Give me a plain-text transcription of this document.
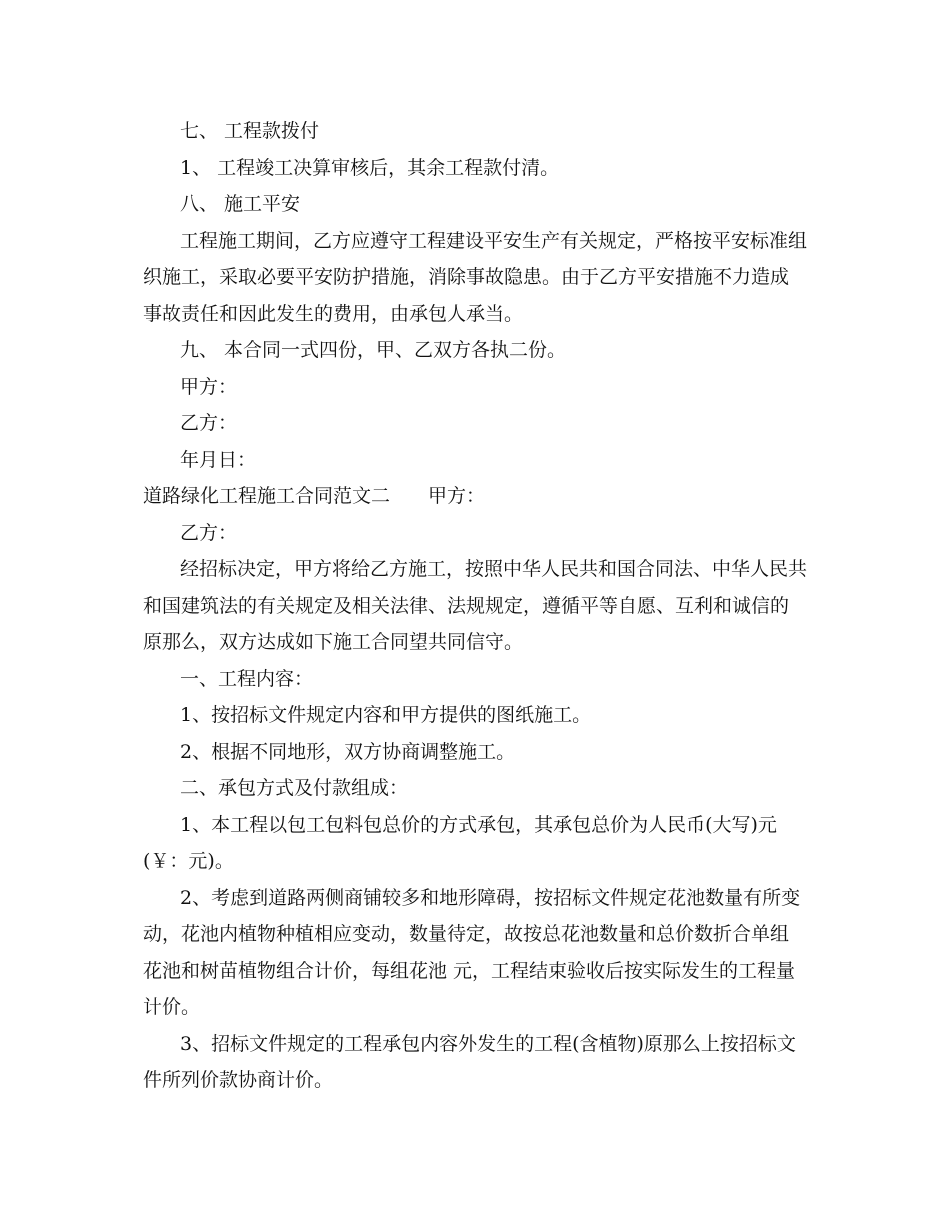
七、 工程款拨付

1、 工程竣工决算审核后，其余工程款付清。

八、 施工平安

工程施工期间，乙方应遵守工程建设平安生产有关规定，严格按平安标准组织施工，采取必要平安防护措施，消除事故隐患。由于乙方平安措施不力造成事故责任和因此发生的费用，由承包人承当。

九、 本合同一式四份，甲、乙双方各执二份。

甲方：

乙方：

年月日：

道路绿化工程施工合同范文二 甲方：

乙方：

经招标决定，甲方将给乙方施工，按照中华人民共和国合同法、中华人民共和国建筑法的有关规定及相关法律、法规规定，遵循平等自愿、互利和诚信的原那么，双方达成如下施工合同望共同信守。

一、工程内容：

1、按招标文件规定内容和甲方提供的图纸施工。

2、根据不同地形，双方协商调整施工。

二、承包方式及付款组成：

1、本工程以包工包料包总价的方式承包，其承包总价为人民币(大写)元(￥：元)。

2、考虑到道路两侧商铺较多和地形障碍，按招标文件规定花池数量有所变动，花池内植物种植相应变动，数量待定，故按总花池数量和总价数折合单组花池和树苗植物组合计价，每组花池 元，工程结束验收后按实际发生的工程量计价。

3、招标文件规定的工程承包内容外发生的工程(含植物)原那么上按招标文件所列价款协商计价。
